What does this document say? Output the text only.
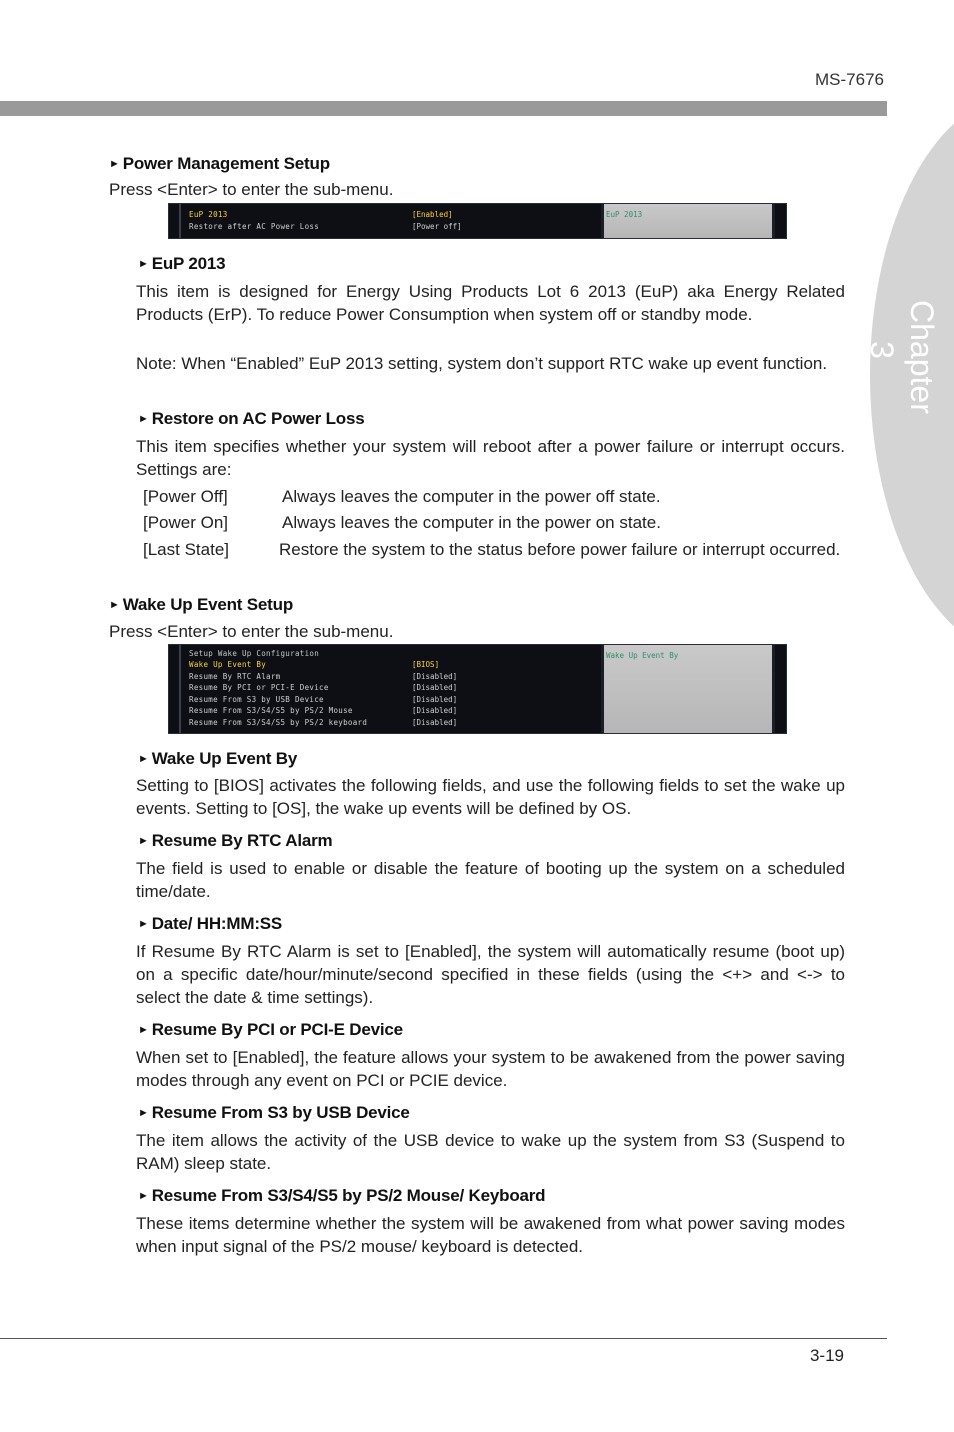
MS-7676
Chapter 3
► Power Management Setup
Press <Enter> to enter the sub-menu.
EuP 2013	[Enabled]
Restore after AC Power Loss	[Power off]
EuP 2013
► EuP 2013
This item is designed for Energy Using Products Lot 6 2013 (EuP) aka Energy Related Products (ErP). To reduce Power Consumption when system off or standby mode.
Note: When “Enabled” EuP 2013 setting, system don’t support RTC wake up event function.
► Restore on AC Power Loss
This item specifies whether your system will reboot after a power failure or interrupt occurs. Settings are:
[Power Off]	Always leaves the computer in the power off state.
[Power On]	Always leaves the computer in the power on state.
[Last State]	Restore the system to the status before power failure or interrupt occurred.
► Wake Up Event Setup
Press <Enter> to enter the sub-menu.
Setup Wake Up Configuration
Wake Up Event By	[BIOS]
Resume By RTC Alarm	[Disabled]
Resume By PCI or PCI-E Device	[Disabled]
Resume From S3 by USB Device	[Disabled]
Resume From S3/S4/S5 by PS/2 Mouse	[Disabled]
Resume From S3/S4/S5 by PS/2 keyboard	[Disabled]
Wake Up Event By
► Wake Up Event By
Setting to [BIOS] activates the following fields, and use the following fields to set the wake up events. Setting to [OS], the wake up events will be defined by OS.
► Resume By RTC Alarm
The field is used to enable or disable the feature of booting up the system on a scheduled time/date.
► Date/ HH:MM:SS
If Resume By RTC Alarm is set to [Enabled], the system will automatically resume (boot up) on a specific date/hour/minute/second specified in these fields (using the <+> and <-> to select the date & time settings).
► Resume By PCI or PCI-E Device
When set to [Enabled], the feature allows your system to be awakened from the power saving modes through any event on PCI or PCIE device.
► Resume From S3 by USB Device
The item allows the activity of the USB device to wake up the system from S3 (Suspend to RAM) sleep state.
► Resume From S3/S4/S5 by PS/2 Mouse/ Keyboard
These items determine whether the system will be awakened from what power saving modes when input signal of the PS/2 mouse/ keyboard is detected.
3-19
